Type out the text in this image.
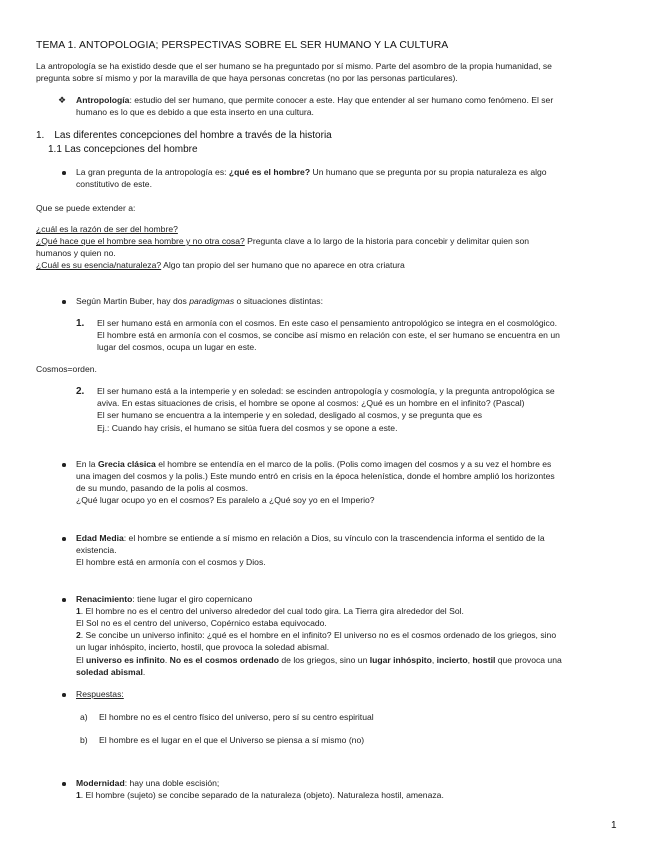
TEMA 1. ANTOPOLOGIA; PERSPECTIVAS SOBRE EL SER HUMANO Y LA CULTURA
La antropología se ha existido desde que el ser humano se ha preguntado por sí mismo. Parte del asombro de la propia humanidad, se
pregunta sobre sí mismo y por la maravilla de que haya personas concretas (no por las personas particulares).
❖ Antropología: estudio del ser humano, que permite conocer a este. Hay que entender al ser humano como fenómeno. El ser
humano es lo que es debido a que esta inserto en una cultura.
1. Las diferentes concepciones del hombre a través de la historia
1.1 Las concepciones del hombre
La gran pregunta de la antropología es: ¿qué es el hombre? Un humano que se pregunta por su propia naturaleza es algo
constitutivo de este.
Que se puede extender a:
¿cuál es la razón de ser del hombre?
¿Qué hace que el hombre sea hombre y no otra cosa? Pregunta clave a lo largo de la historia para concebir y delimitar quien son
humanos y quien no.
¿Cuál es su esencia/naturaleza? Algo tan propio del ser humano que no aparece en otra criatura
Según Martin Buber, hay dos paradigmas o situaciones distintas:
1. El ser humano está en armonía con el cosmos. En este caso el pensamiento antropológico se integra en el cosmológico.
El hombre está en armonía con el cosmos, se concibe así mismo en relación con este, el ser humano se encuentra en un
lugar del cosmos, ocupa un lugar en este.
Cosmos=orden.
2. El ser humano está a la intemperie y en soledad: se escinden antropología y cosmología, y la pregunta antropológica se
aviva. En estas situaciones de crisis, el hombre se opone al cosmos: ¿Qué es un hombre en el infinito? (Pascal)
El ser humano se encuentra a la intemperie y en soledad, desligado al cosmos, y se pregunta que es
Ej.: Cuando hay crisis, el humano se sitúa fuera del cosmos y se opone a este.
En la Grecia clásica el hombre se entendía en el marco de la polis. (Polis como imagen del cosmos y a su vez el hombre es
una imagen del cosmos y la polis.) Este mundo entró en crisis en la época helenística, donde el hombre amplió los horizontes
de su mundo, pasando de la polis al cosmos.
¿Qué lugar ocupo yo en el cosmos? Es paralelo a ¿Qué soy yo en el Imperio?
Edad Media: el hombre se entiende a sí mismo en relación a Dios, su vínculo con la trascendencia informa el sentido de la
existencia.
El hombre está en armonía con el cosmos y Dios.
Renacimiento: tiene lugar el giro copernicano
1. El hombre no es el centro del universo alrededor del cual todo gira. La Tierra gira alrededor del Sol.
El Sol no es el centro del universo, Copérnico estaba equivocado.
2. Se concibe un universo infinito: ¿qué es el hombre en el infinito? El universo no es el cosmos ordenado de los griegos, sino
un lugar inhóspito, incierto, hostil, que provoca la soledad abismal.
El universo es infinito. No es el cosmos ordenado de los griegos, sino un lugar inhóspito, incierto, hostil que provoca una
soledad abismal.
Respuestas:
a) El hombre no es el centro físico del universo, pero sí su centro espiritual
b) El hombre es el lugar en el que el Universo se piensa a sí mismo (no)
Modernidad: hay una doble escisión;
1. El hombre (sujeto) se concibe separado de la naturaleza (objeto). Naturaleza hostil, amenaza.
1
